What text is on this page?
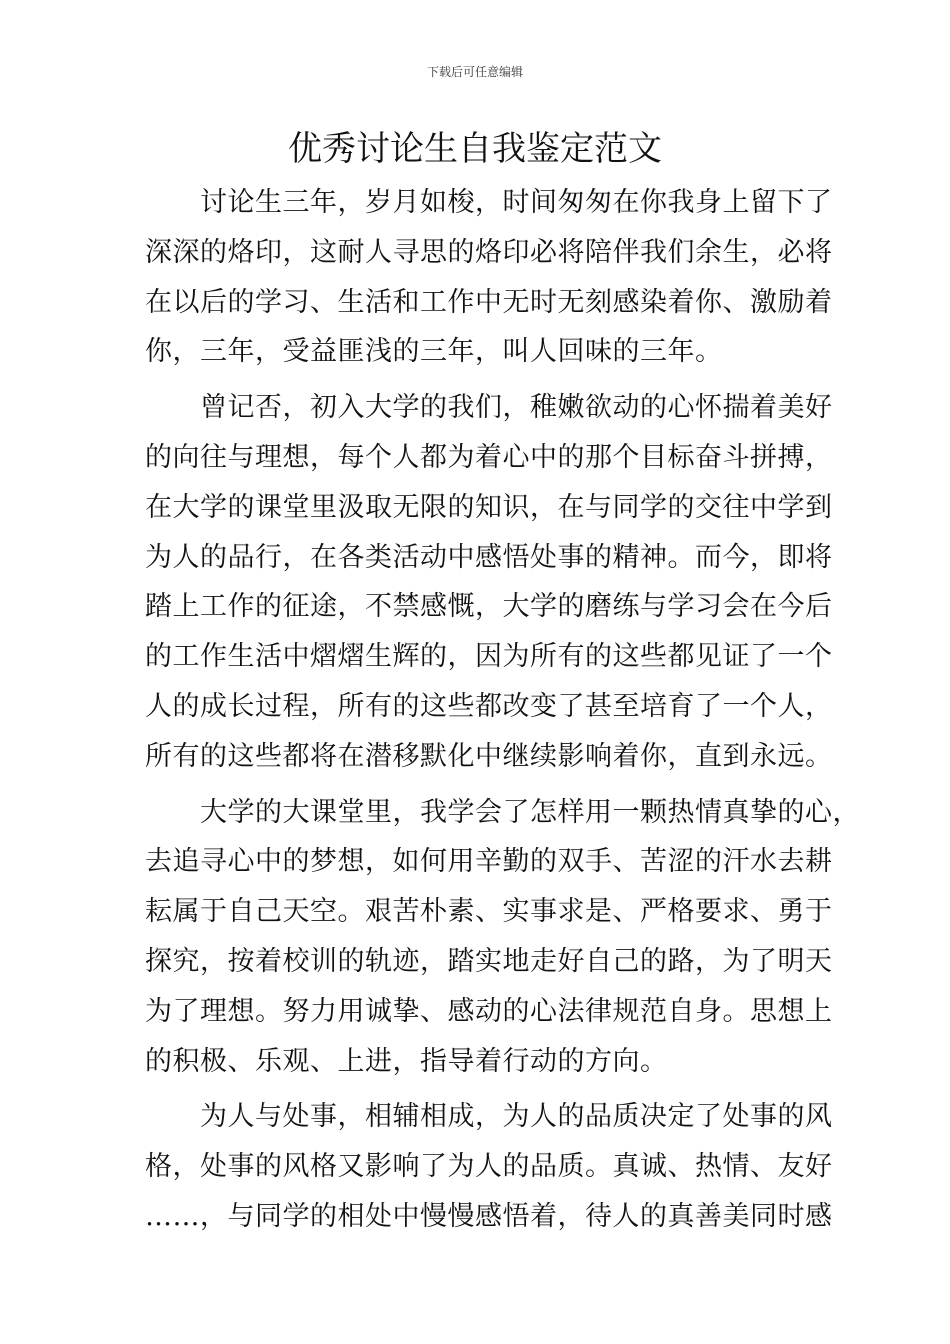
下载后可任意编辑
优秀讨论生自我鉴定范文
讨论生三年，岁月如梭，时间匆匆在你我身上留下了
深深的烙印，这耐人寻思的烙印必将陪伴我们余生，必将
在以后的学习、生活和工作中无时无刻感染着你、激励着
你，三年，受益匪浅的三年，叫人回味的三年。
曾记否，初入大学的我们，稚嫩欲动的心怀揣着美好
的向往与理想，每个人都为着心中的那个目标奋斗拼搏，
在大学的课堂里汲取无限的知识，在与同学的交往中学到
为人的品行，在各类活动中感悟处事的精神。而今，即将
踏上工作的征途，不禁感慨，大学的磨练与学习会在今后
的工作生活中熠熠生辉的，因为所有的这些都见证了一个
人的成长过程，所有的这些都改变了甚至培育了一个人，
所有的这些都将在潜移默化中继续影响着你，直到永远。
大学的大课堂里，我学会了怎样用一颗热情真挚的心，
去追寻心中的梦想，如何用辛勤的双手、苦涩的汗水去耕
耘属于自己天空。艰苦朴素、实事求是、严格要求、勇于
探究，按着校训的轨迹，踏实地走好自己的路，为了明天
为了理想。努力用诚挚、感动的心法律规范自身。思想上
的积极、乐观、上进，指导着行动的方向。
为人与处事，相辅相成，为人的品质决定了处事的风
格，处事的风格又影响了为人的品质。真诚、热情、友好
……，与同学的相处中慢慢感悟着，待人的真善美同时感
